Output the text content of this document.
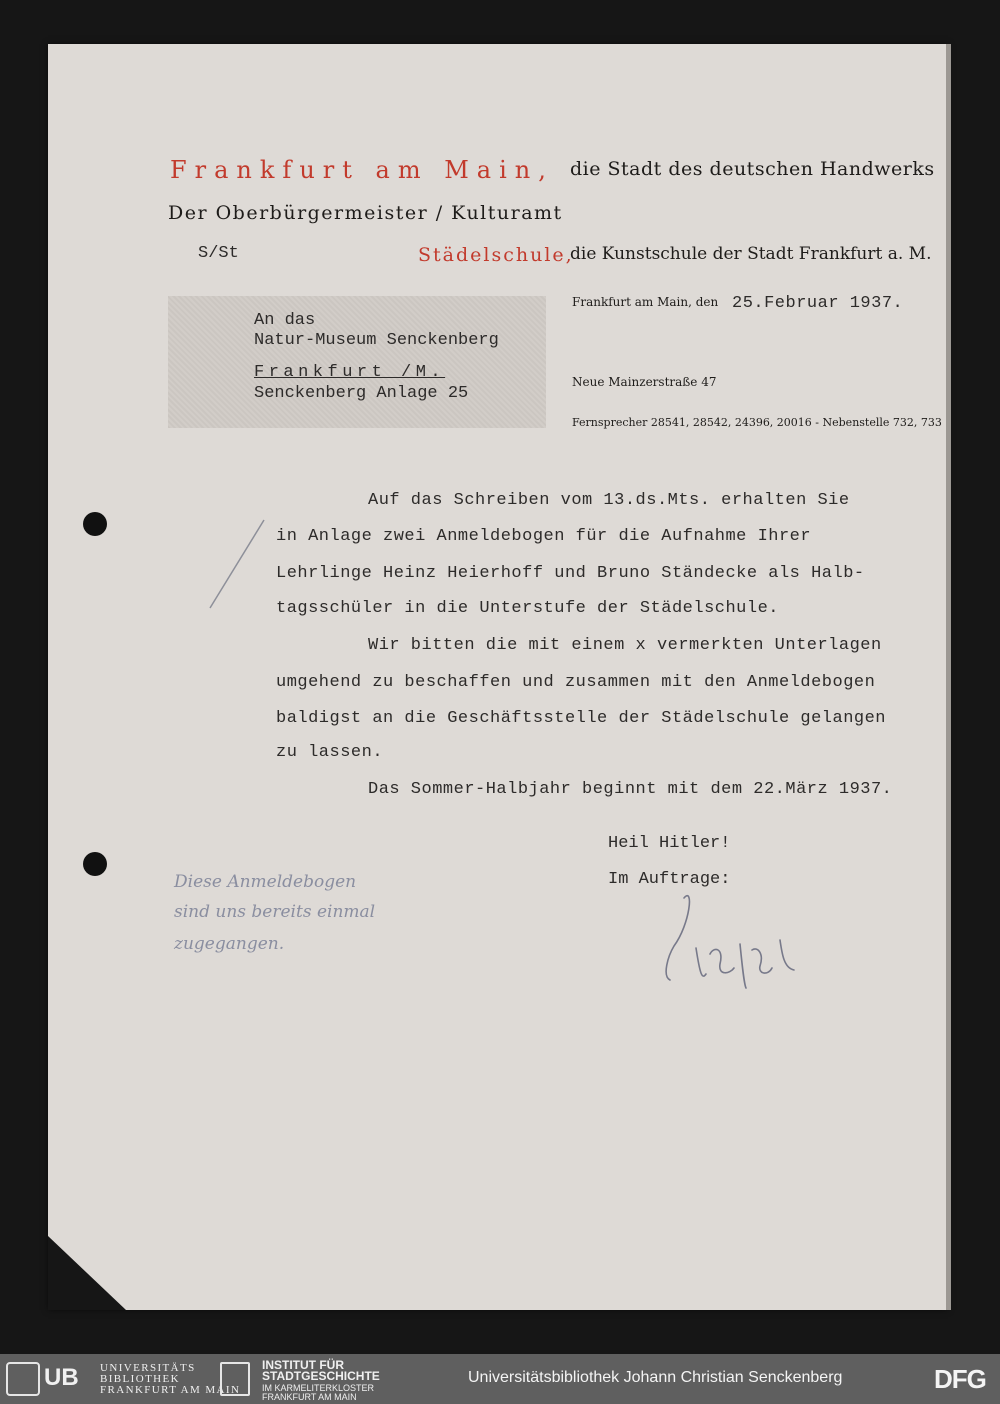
Frankfurt am Main, die Stadt des deutschen Handwerks
Der Oberbürgermeister / Kulturamt
S/St	Städelschule,
die Kunstschule der Stadt Frankfurt a. M.
An das
Natur-Museum Senckenberg
Frankfurt /M.
Senckenberg Anlage 25
Frankfurt am Main, den 25.Februar 1937.
Neue Mainzerstraße 47
Fernsprecher 28541, 28542, 24396, 20016 - Nebenstelle 732, 733
Auf das Schreiben vom 13.ds.Mts. erhalten Sie
in Anlage zwei Anmeldebogen für die Aufnahme Ihrer
Lehrlinge Heinz Heierhoff und Bruno Ständecke als Halb-
tagsschüler in die Unterstufe der Städelschule.
Wir bitten die mit einem x vermerkten Unterlagen
umgehend zu beschaffen und zusammen mit den Anmeldebogen
baldigst an die Geschäftsstelle der Städelschule gelangen
zu lassen.
Das Sommer-Halbjahr beginnt mit dem 22.März 1937.
Heil Hitler!
Im Auftrage:
Diese Anmeldebogen
sind uns bereits einmal
zugegangen.
UB UNIVERSITÄTS
BIBLIOTHEK
FRANKFURT AM MAIN
INSTITUT FÜR
STADTGESCHICHTE
IM KARMELITERKLOSTER
FRANKFURT AM MAIN
Universitätsbibliothek Johann Christian Senckenberg	DFG
